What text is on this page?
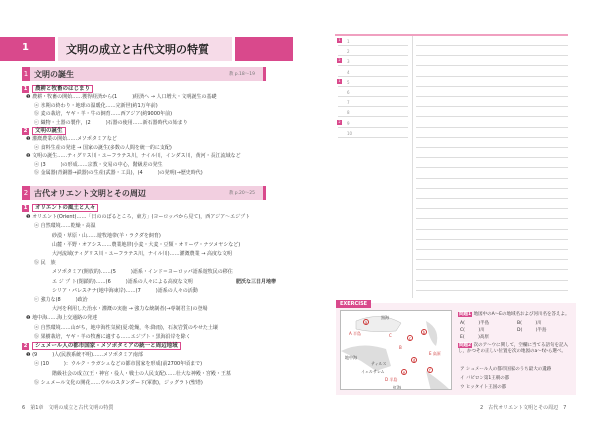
1	文明の成立と古代文明の特質
1 文明の誕生	教 p.18〜19
1 農耕と牧畜のはじまり
❶ 農耕・牧畜の開始……獲得経済から(1　　　)経済へ → 人口増大・文明誕生の基礎
ⓐ 氷期の終わり・地球の温暖化……完新世(約1万年前)
ⓑ 麦の栽培，ヤギ・羊・牛の飼育……西アジア(約9000年前)
ⓒ 織物・土器の製作，(2　　　)石器の使用……新石器時代の始まり
2 文明の誕生
❶ 灌漑農業の開始……メソポタミアなど
ⓐ 食料生産の発達 → 国家の誕生(多数の人間を統一的に支配)
❷ 文明の誕生……ティグリス川・ユーフラテス川，ナイル川，インダス川，黄河・長江流域など
ⓐ (3　　　)の形成……宗教・交易の中心，階級差の発生
ⓑ 金属器(青銅器→鉄器)の生産(武器・工具)，(4　　　)の発明(→歴史時代)
2 古代オリエント文明とその周辺	教 p.20〜25
1 オリエントの風土と人々
❶ オリエント(Orient)……「日ののぼるところ，東方」(ヨーロッパから見て)，西アジア〜エジプト
ⓐ 自然環境……乾燥・高温
砂漠・草原・山……遊牧地帯(羊・ラクダを飼育)
山麓・平野・オアシス……農業地帯(小麦・大麦・豆類・オリーヴ・ナツメヤシなど)
大河流域(ティグリス川・ユーフラテス川，ナイル川)……灌漑農業 → 高度な文明
ⓑ 民　族
メソポタミア(開放的)……(5　　　)語系・インド＝ヨーロッパ語系遊牧民の移住
エ ジ プ ト(閉鎖的)……(6　　　)語系の人々による高度な文明
シリア・パレスチナ(地中海東岸)……(7　　　)語系の人々の活動
肥沃な三日月地帯
ⓒ 強力な(8　　　)政治
大河を利用した治水・灌漑の実施 → 強力な統制者(→専制君主)の登場
❷ 地中海……海上交通路の発達
ⓐ 自然環境……山がち，地中海性気候(夏:乾燥，冬:降雨)，石灰岩質のやせた土壌
ⓑ 果樹栽培，ヤギ・羊の牧畜に適する……エジプト・黒海沿岸を除く
2 シュメール人の都市国家・メソポタミアの統一と周辺地域
❶ (9　　　)人(民族系統不明)……メソポタミア南部
ⓐ (10　　　)：ウルク・ラガシュなどの都市国家を形成(前2700年頃まで)
階級社会の成立(王・神官・役人・戦士の人民支配)……壮大な神殿・宮殿・王墓
ⓑ シュメール文化の開花……ウルのスタンダード(軍旗)，ジッグラト(聖塔)
6　 第1章　文明の成立と古代文明の特質
1
1
2
3
2
4
5
1
6
7
8
9
2
10
2　古代オリエント文明とその周辺　 7
EXERCISE
A 半島
B
C
D 半島
E 高原
黒海
地中海
ティルス
イェルサレム
紅海
a
b
c
d
e	f
問題1 地図中のA〜Eの地域名および河川名を答えよ。
A(　　　)半島	B(　　　)川
C(　　　)川	D(　　　)半島
E(　　　)高原
問題2 次のア〜ウに関して，空欄に当てる語句を記入し，かつその正しい位置を次の地図のa〜fから選べ。
ア シュメール人の都市国家のうち最大の遺跡
イ バビロン第1王朝の都
ウ ヒッタイト王国の都
